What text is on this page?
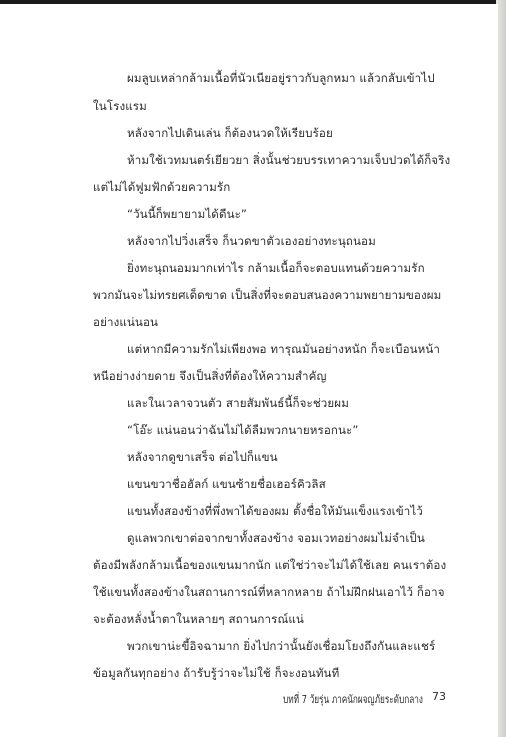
ผมลูบเหล่ากล้ามเนื้อที่นัวเนียอยู่ราวกับลูกหมา แล้วกลับเข้าไป
ในโรงแรม
หลังจากไปเดินเล่น ก็ต้องนวดให้เรียบร้อย
ห้ามใช้เวทมนตร์เยียวยา สิ่งนั้นช่วยบรรเทาความเจ็บปวดได้ก็จริง
แต่ไม่ได้ฟูมฟักด้วยความรัก
“วันนี้ก็พยายามได้ดีนะ”
หลังจากไปวิ่งเสร็จ ก็นวดขาตัวเองอย่างทะนุถนอม
ยิ่งทะนุถนอมมากเท่าไร กล้ามเนื้อก็จะตอบแทนด้วยความรัก
พวกมันจะไม่ทรยศเด็ดขาด เป็นสิ่งที่จะตอบสนองความพยายามของผม
อย่างแน่นอน
แต่หากมีความรักไม่เพียงพอ ทารุณมันอย่างหนัก ก็จะเบือนหน้า
หนีอย่างง่ายดาย จึงเป็นสิ่งที่ต้องให้ความสำคัญ
และในเวลาจวนตัว สายสัมพันธ์นี้ก็จะช่วยผม
“โอ๊ะ แน่นอนว่าฉันไม่ได้ลืมพวกนายหรอกนะ”
หลังจากดูขาเสร็จ ต่อไปก็แขน
แขนขวาชื่อฮัลก์ แขนซ้ายชื่อเฮอร์คิวลิส
แขนทั้งสองข้างที่พึ่งพาได้ของผม ตั้งชื่อให้มันแข็งแรงเข้าไว้
ดูแลพวกเขาต่อจากขาทั้งสองข้าง จอมเวทอย่างผมไม่จำเป็น
ต้องมีพลังกล้ามเนื้อของแขนมากนัก แต่ใช่ว่าจะไม่ได้ใช้เลย คนเราต้อง
ใช้แขนทั้งสองข้างในสถานการณ์ที่หลากหลาย ถ้าไม่ฝึกฝนเอาไว้ ก็อาจ
จะต้องหลั่งน้ำตาในหลายๆ สถานการณ์แน่
พวกเขาน่ะขี้อิจฉามาก ยิ่งไปกว่านั้นยังเชื่อมโยงถึงกันและแชร์
ข้อมูลกันทุกอย่าง ถ้ารับรู้ว่าจะไม่ใช้ ก็จะงอนทันที
บทที่ 7 วัยรุ่น ภาคนักผจญภัยระดับกลาง 73
